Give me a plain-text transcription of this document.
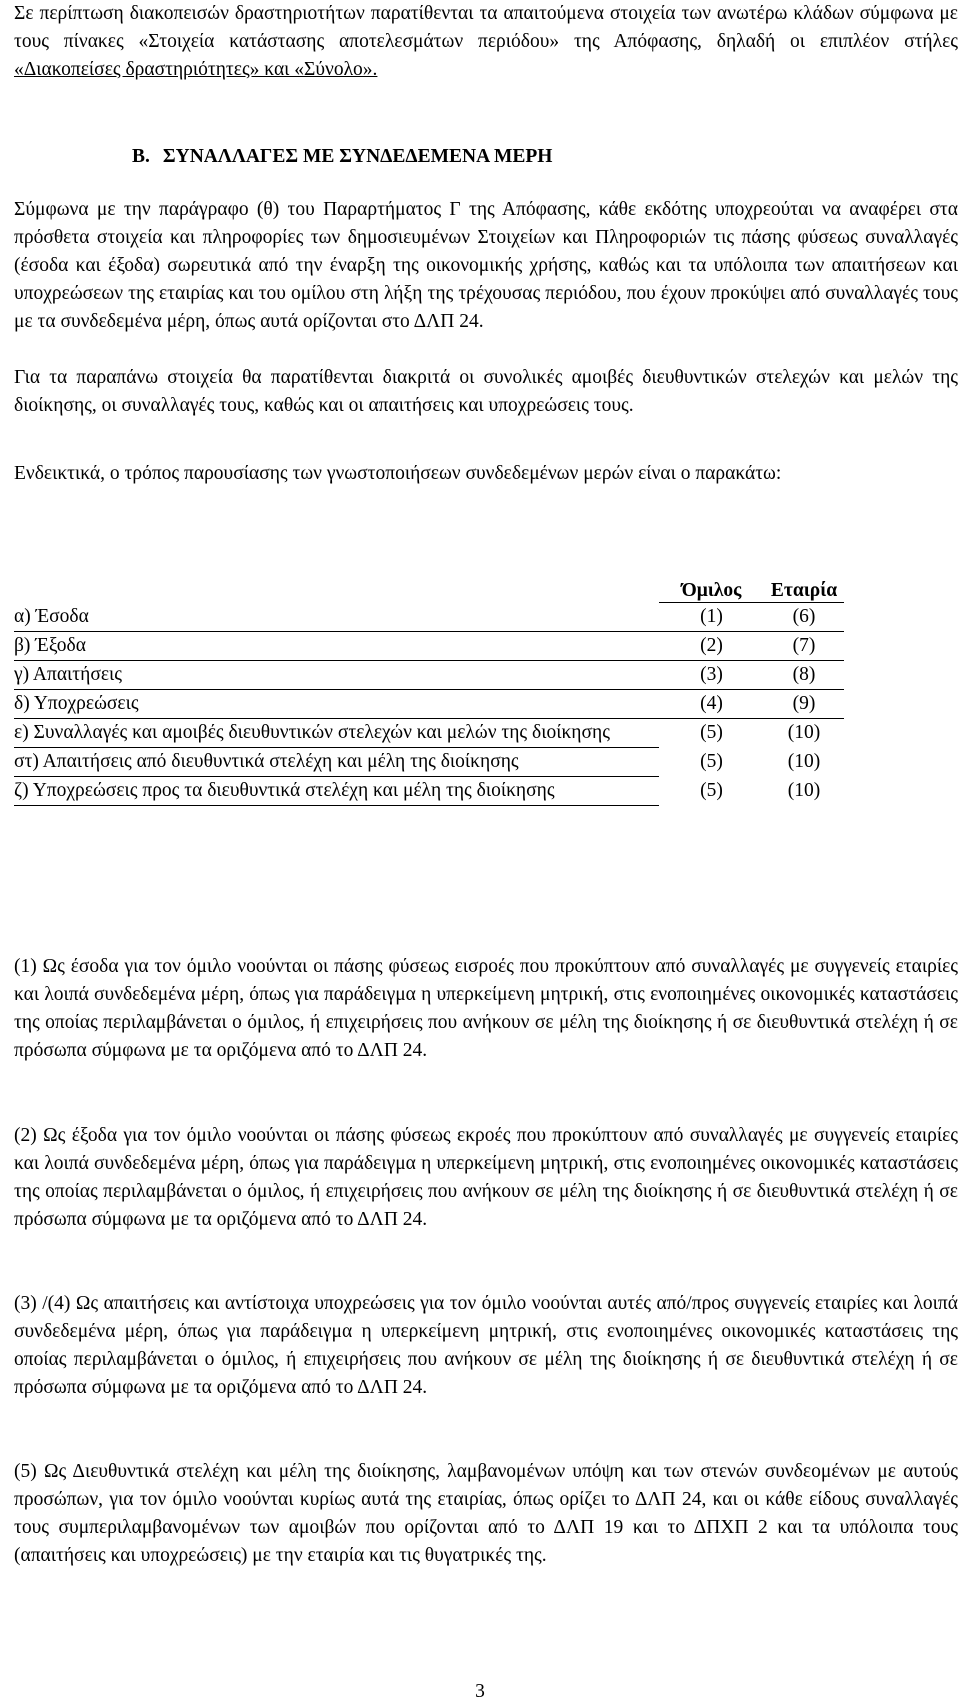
Σε περίπτωση διακοπεισών δραστηριοτήτων παρατίθενται τα απαιτούμενα στοιχεία των ανωτέρω κλάδων σύμφωνα με τους πίνακες «Στοιχεία κατάστασης αποτελεσμάτων περιόδου» της Απόφασης, δηλαδή οι επιπλέον στήλες «Διακοπείσες δραστηριότητες» και «Σύνολο».

Β. ΣΥΝΑΛΛΑΓΕΣ ΜΕ ΣΥΝΔΕΔΕΜΕΝΑ ΜΕΡΗ

Σύμφωνα με την παράγραφο (θ) του Παραρτήματος Γ της Απόφασης, κάθε εκδότης υποχρεούται να αναφέρει στα πρόσθετα στοιχεία και πληροφορίες των δημοσιευμένων Στοιχείων και Πληροφοριών τις πάσης φύσεως συναλλαγές (έσοδα και έξοδα) σωρευτικά από την έναρξη της οικονομικής χρήσης, καθώς και τα υπόλοιπα των απαιτήσεων και υποχρεώσεων της εταιρίας και του ομίλου στη λήξη της τρέχουσας περιόδου, που έχουν προκύψει από συναλλαγές τους με τα συνδεδεμένα μέρη, όπως αυτά ορίζονται στο ΔΛΠ 24.

Για τα παραπάνω στοιχεία θα παρατίθενται διακριτά οι συνολικές αμοιβές διευθυντικών στελεχών και μελών της διοίκησης, οι συναλλαγές τους, καθώς και οι απαιτήσεις και υποχρεώσεις τους.

Ενδεικτικά, ο τρόπος παρουσίασης των γνωστοποιήσεων συνδεδεμένων μερών είναι ο παρακάτω:

	Όμιλος	Εταιρία
α) Έσοδα	(1)	(6)
β) Έξοδα	(2)	(7)
γ) Απαιτήσεις	(3)	(8)
δ) Υποχρεώσεις	(4)	(9)
ε) Συναλλαγές και αμοιβές διευθυντικών στελεχών και μελών της διοίκησης	(5)	(10)
στ) Απαιτήσεις από διευθυντικά στελέχη και μέλη της διοίκησης	(5)	(10)
ζ) Υποχρεώσεις προς τα διευθυντικά στελέχη και μέλη της διοίκησης	(5)	(10)

(1) Ως έσοδα για τον όμιλο νοούνται οι πάσης φύσεως εισροές που προκύπτουν από συναλλαγές με συγγενείς εταιρίες και λοιπά συνδεδεμένα μέρη, όπως για παράδειγμα η υπερκείμενη μητρική, στις ενοποιημένες οικονομικές καταστάσεις της οποίας περιλαμβάνεται ο όμιλος, ή επιχειρήσεις που ανήκουν σε μέλη της διοίκησης ή σε διευθυντικά στελέχη ή σε πρόσωπα σύμφωνα με τα οριζόμενα από το ΔΛΠ 24.

(2) Ως έξοδα για τον όμιλο νοούνται οι πάσης φύσεως εκροές που προκύπτουν από συναλλαγές με συγγενείς εταιρίες και λοιπά συνδεδεμένα μέρη, όπως για παράδειγμα η υπερκείμενη μητρική, στις ενοποιημένες οικονομικές καταστάσεις της οποίας περιλαμβάνεται ο όμιλος, ή επιχειρήσεις που ανήκουν σε μέλη της διοίκησης ή σε διευθυντικά στελέχη ή σε πρόσωπα σύμφωνα με τα οριζόμενα από το ΔΛΠ 24.

(3) /(4) Ως απαιτήσεις και αντίστοιχα υποχρεώσεις για τον όμιλο νοούνται αυτές από/προς συγγενείς εταιρίες και λοιπά συνδεδεμένα μέρη, όπως για παράδειγμα η υπερκείμενη μητρική, στις ενοποιημένες οικονομικές καταστάσεις της οποίας περιλαμβάνεται ο όμιλος, ή επιχειρήσεις που ανήκουν σε μέλη της διοίκησης ή σε διευθυντικά στελέχη ή σε πρόσωπα σύμφωνα με τα οριζόμενα από το ΔΛΠ 24.

(5) Ως Διευθυντικά στελέχη και μέλη της διοίκησης, λαμβανομένων υπόψη και των στενών συνδεομένων με αυτούς προσώπων, για τον όμιλο νοούνται κυρίως αυτά της εταιρίας, όπως ορίζει το ΔΛΠ 24, και οι κάθε είδους συναλλαγές τους συμπεριλαμβανομένων των αμοιβών που ορίζονται από το ΔΛΠ 19 και το ΔΠΧΠ 2 και τα υπόλοιπα τους (απαιτήσεις και υποχρεώσεις) με την εταιρία και τις θυγατρικές της.

3
